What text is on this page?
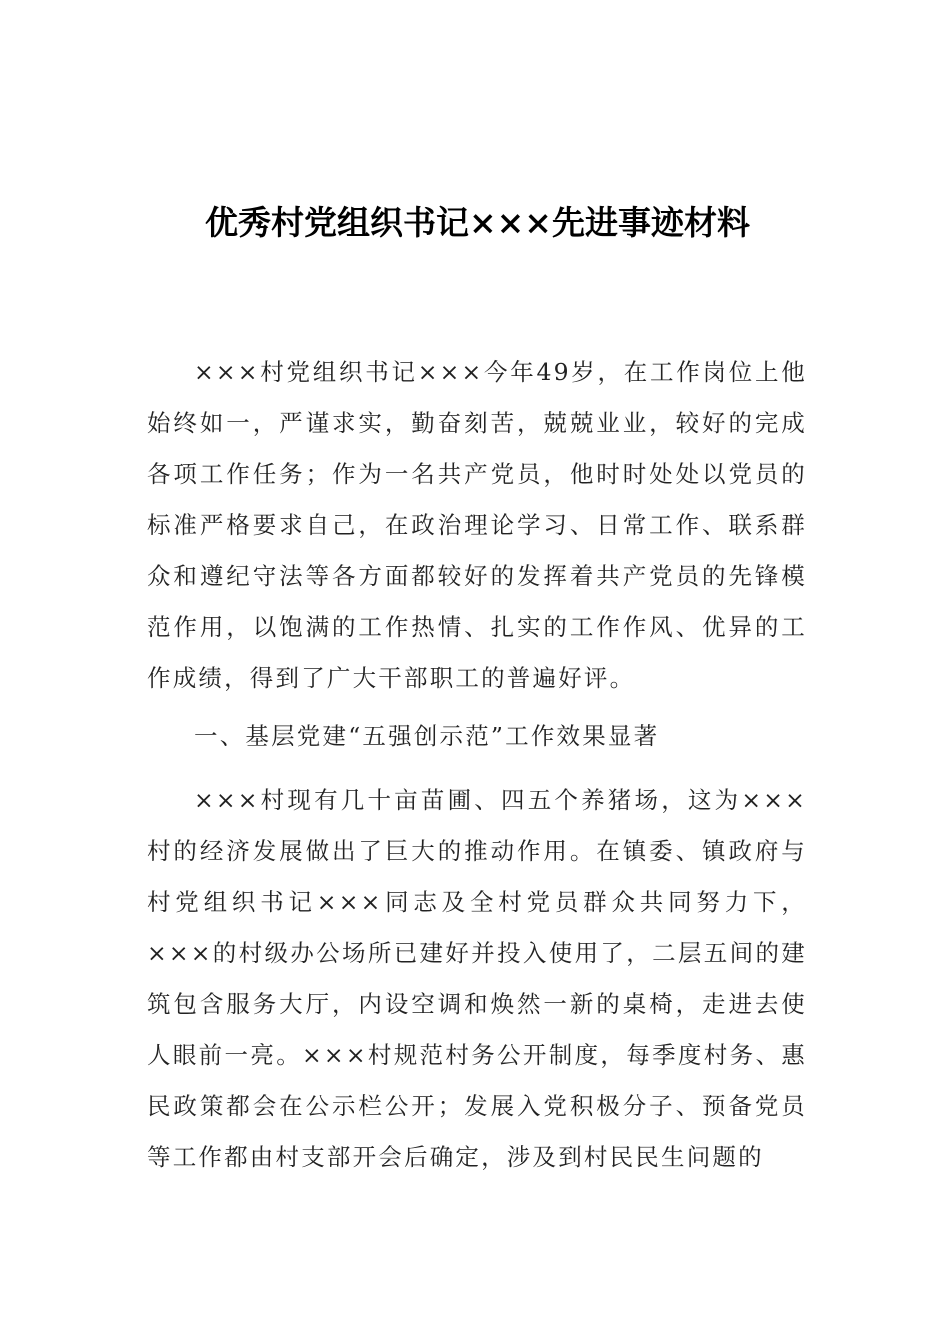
优秀村党组织书记×××先进事迹材料

×××村党组织书记×××今年49岁，在工作岗位上他始终如一，严谨求实，勤奋刻苦，兢兢业业，较好的完成各项工作任务；作为一名共产党员，他时时处处以党员的标准严格要求自己，在政治理论学习、日常工作、联系群众和遵纪守法等各方面都较好的发挥着共产党员的先锋模范作用，以饱满的工作热情、扎实的工作作风、优异的工作成绩，得到了广大干部职工的普遍好评。

一、基层党建“五强创示范”工作效果显著

×××村现有几十亩苗圃、四五个养猪场，这为×××村的经济发展做出了巨大的推动作用。在镇委、镇政府与村党组织书记×××同志及全村党员群众共同努力下，×××的村级办公场所已建好并投入使用了，二层五间的建筑包含服务大厅，内设空调和焕然一新的桌椅，走进去使人眼前一亮。×××村规范村务公开制度，每季度村务、惠民政策都会在公示栏公开；发展入党积极分子、预备党员等工作都由村支部开会后确定，涉及到村民民生问题的
